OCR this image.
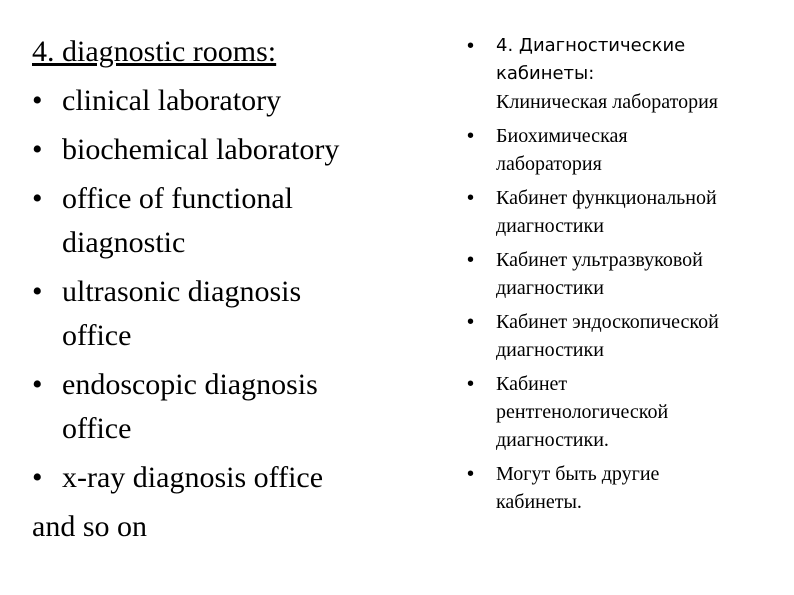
4. diagnostic rooms:
• clinical laboratory
• biochemical laboratory
• office of functional
diagnostic
• ultrasonic diagnosis
office
• endoscopic diagnosis
office
• x-ray diagnosis office
and so on
• 4. Диагностические
кабинеты:
Клиническая лаборатория
• Биохимическая
лаборатория
• Кабинет функциональной
диагностики
• Кабинет ультразвуковой
диагностики
• Кабинет эндоскопической
диагностики
• Кабинет
рентгенологической
диагностики.
• Могут быть другие
кабинеты.
